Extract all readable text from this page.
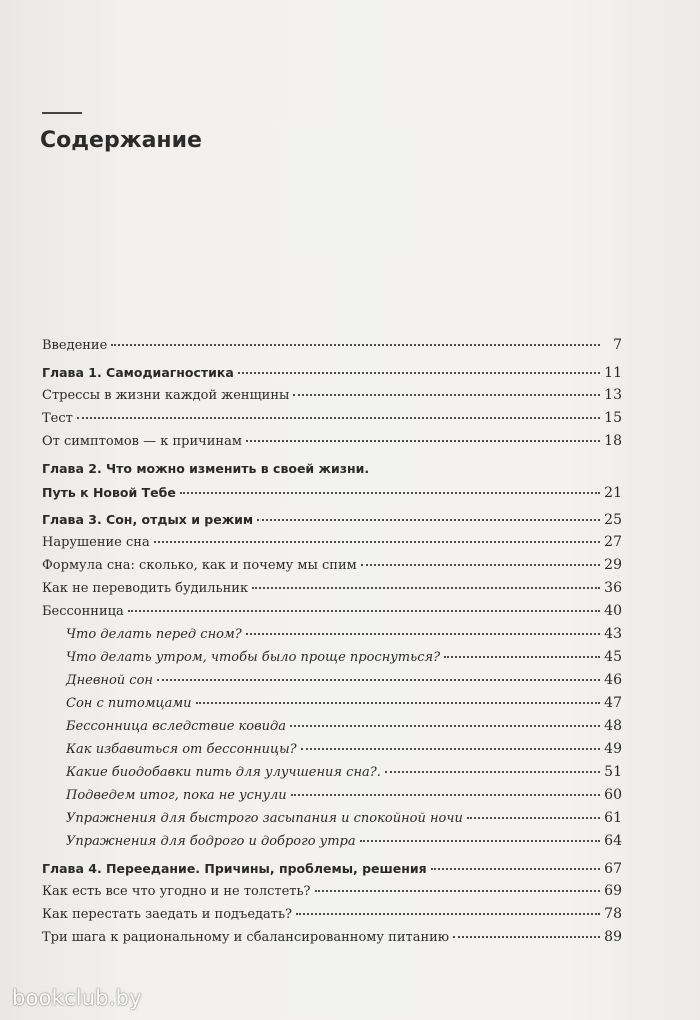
Содержание
Введение	7
Глава 1. Самодиагностика	11
Стрессы в жизни каждой женщины	13
Тест	15
От симптомов — к причинам	18
Глава 2. Что можно изменить в своей жизни.
Путь к Новой Тебе	21
Глава 3. Сон, отдых и режим	25
Нарушение сна	27
Формула сна: сколько, как и почему мы спим	29
Как не переводить будильник	36
Бессонница	40
Что делать перед сном?	43
Что делать утром, чтобы было проще проснуться?	45
Дневной сон	46
Сон с питомцами	47
Бессонница вследствие ковида	48
Как избавиться от бессонницы?	49
Какие биодобавки пить для улучшения сна?.	51
Подведем итог, пока не уснули	60
Упражнения для быстрого засыпания и спокойной ночи	61
Упражнения для бодрого и доброго утра	64
Глава 4. Переедание. Причины, проблемы, решения	67
Как есть все что угодно и не толстеть?	69
Как перестать заедать и подъедать?	78
Три шага к рациональному и сбалансированному питанию	89

bookclub.by
